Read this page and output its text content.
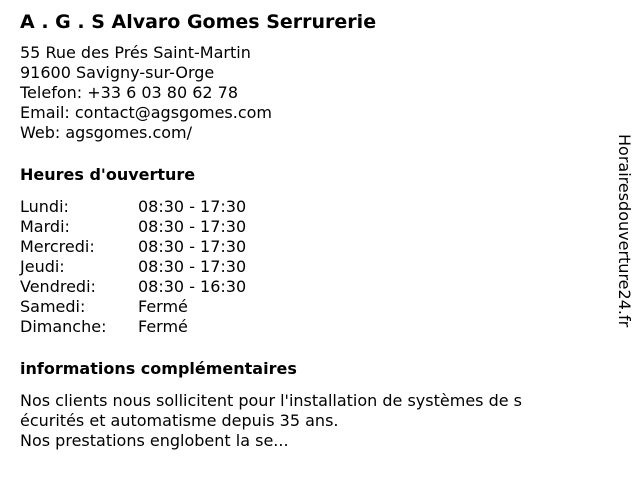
A . G . S Alvaro Gomes Serrurerie
55 Rue des Prés Saint-Martin
91600 Savigny-sur-Orge
Telefon: +33 6 03 80 62 78
Email: contact@agsgomes.com
Web: agsgomes.com/
Heures d'ouverture
Lundi:	08:30 - 17:30
Mardi:	08:30 - 17:30
Mercredi:	08:30 - 17:30
Jeudi:	08:30 - 17:30
Vendredi:	08:30 - 16:30
Samedi:	Fermé
Dimanche:	Fermé
informations complémentaires

Nos clients nous sollicitent pour l'installation de systèmes de s

écurités et automatisme depuis 35 ans.

Nos prestations englobent la se...

Horairesdouverture24.fr
